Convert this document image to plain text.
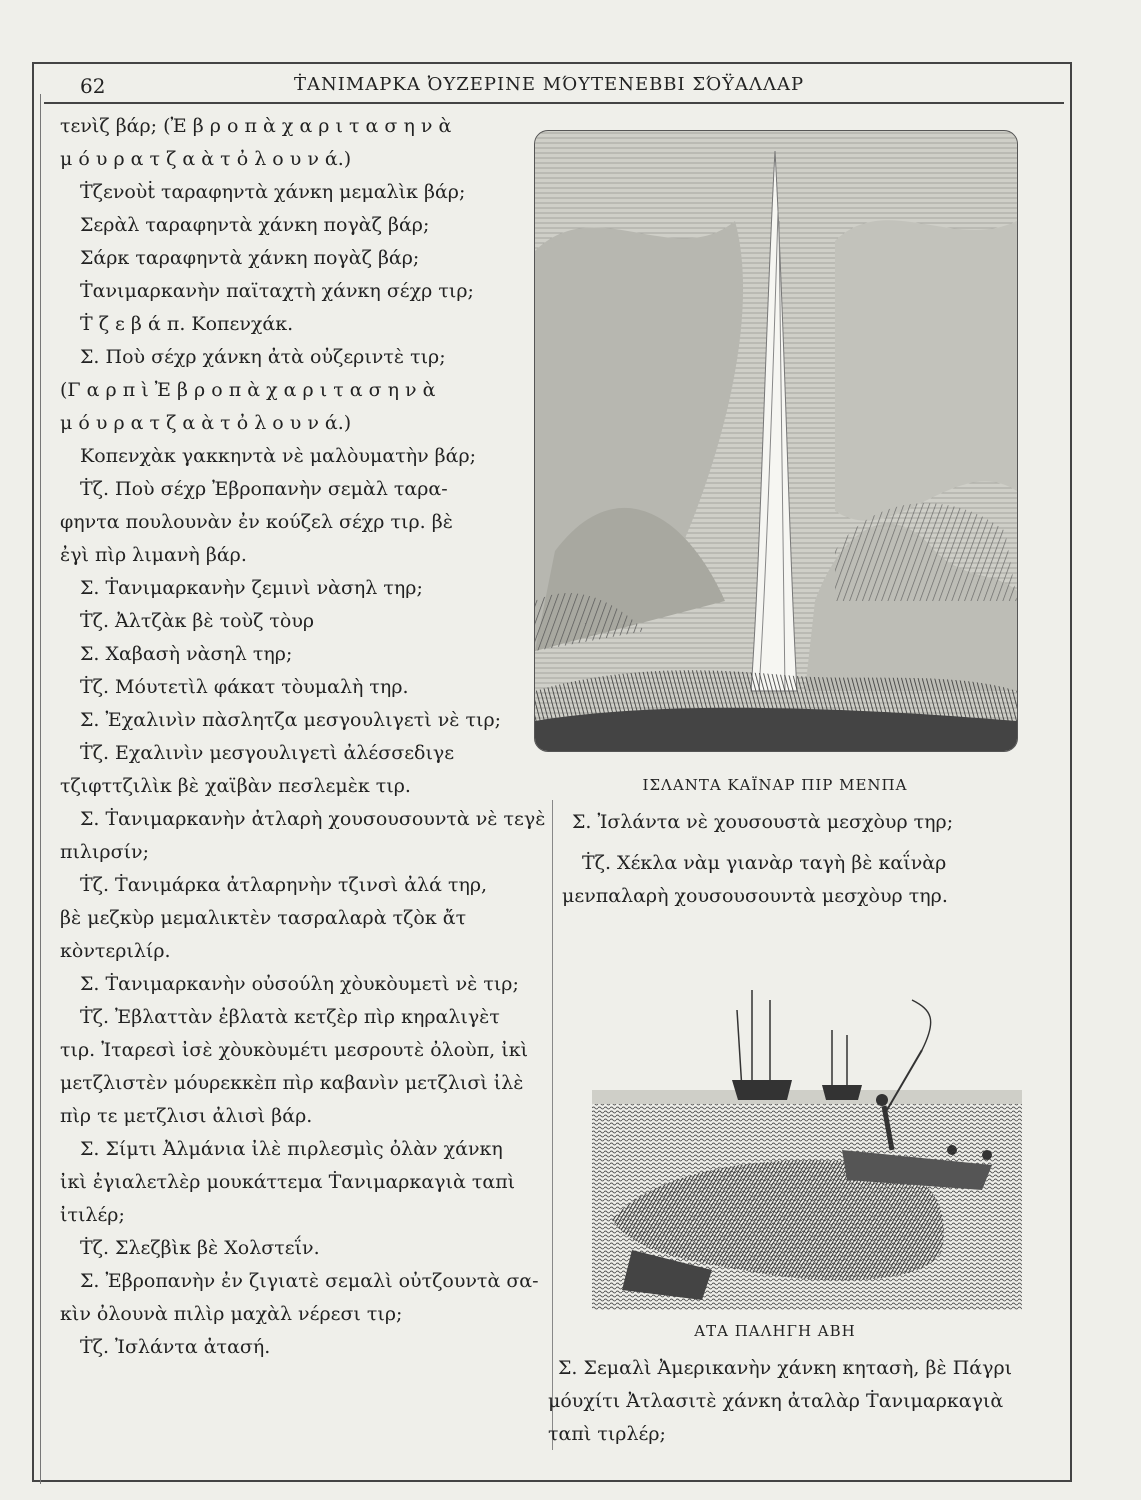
62	ṪΑΝΙΜΑΡΚΑ ὈΥΖΕΡΙΝΕ ΜΌΥΤΕΝΕΒΒΙ ΣΌΫΑΛΛΑΡ

τενὶζ βάρ; (Ἐ β ρ ο π ὰ χ α ρ ι τ α σ η ν ὰ

μ ό υ ρ α τ ζ α ὰ τ ὀ λ ο υ ν ά.)

Ṫζενοὺṫ ταραφηντὰ χάνκη μεμαλὶκ βάρ;

Σερὰλ ταραφηντὰ χάνκη πογὰζ βάρ;

Σάρκ ταραφηντὰ χάνκη πογὰζ βάρ;

Ṫανιμαρκανὴν παϊταχτὴ χάνκη σέχρ τιρ;

Ṫ ζ ε β ά π. Κοπενχάκ.

Σ. Ποὺ σέχρ χάνκη ἀτὰ οὐζεριντὲ τιρ;

(Γ α ρ π ὶ Ἐ β ρ ο π ὰ χ α ρ ι τ α σ η ν ὰ

μ ό υ ρ α τ ζ α ὰ τ ὀ λ ο υ ν ά.)

Κοπενχὰκ γακκηντὰ νὲ μαλὸυματὴν βάρ;

Ṫζ. Ποὺ σέχρ Ἐβροπανὴν σεμὰλ ταρα-

φηντα πουλουνὰν ἐν κούζελ σέχρ τιρ. βὲ

ἐγὶ πὶρ λιμανὴ βάρ.

Σ. Ṫανιμαρκανὴν ζεμινὶ νὰσηλ τηρ;

Ṫζ. Ἀλτζὰκ βὲ τοὺζ τὸυρ

Σ. Χαβασὴ νὰσηλ τηρ;

Ṫζ. Μόυτετὶλ φάκατ τὸυμαλὴ τηρ.

Σ. Ἐχαλινὶν πὰσλητζα μεσγουλιγετὶ νὲ τιρ;

Ṫζ. Εχαλινὶν μεσγουλιγετὶ ἀλέσσεδιγε

τζιφττζιλὶκ βὲ χαϊβὰν πεσλεμὲκ τιρ.

Σ. Ṫανιμαρκανὴν ἀτλαρὴ χουσουσουντὰ νὲ τεγὲ

πιλιρσίν;

Ṫζ. Ṫανιμάρκα ἀτλαρηνὴν τζινσὶ ἀλά τηρ,

βὲ μεζκὺρ μεμαλικτὲν τασραλαρὰ τζὸκ ἄτ

κὸντεριλίρ.

Σ. Ṫανιμαρκανὴν οὐσούλη χὸυκὸυμετὶ νὲ τιρ;

Ṫζ. Ἐβλαττὰν ἐβλατὰ κετζὲρ πὶρ κηραλιγὲτ

τιρ. Ἰταρεσὶ ἰσὲ χὸυκὸυμέτι μεσρουτὲ ὀλοὺπ, ἰκὶ

μετζλιστὲν μόυρεκκὲπ πὶρ καβανὶν μετζλισὶ ἰλὲ

πὶρ τε μετζλισι ἀλισὶ βάρ.

Σ. Σίμτι Ἀλμάνια ἰλὲ πιρλεσμὶς ὀλὰν χάνκη

ἰκὶ ἐγιαλετλὲρ μουκάττεμα Ṫανιμαρκαγιὰ ταπὶ

ἰτιλέρ;

Ṫζ. Σλεζβὶκ βὲ Χολστεΐν.

Σ. Ἐβροπανὴν ἐν ζιγιατὲ σεμαλὶ οὐτζουντὰ σα-

κὶν ὀλουνὰ πιλὶρ μαχὰλ νέρεσι τιρ;

Ṫζ. Ἰσλάντα ἀτασή.

ΙΣΛΑΝΤΑ ΚΑΪΝΑΡ ΠΙΡ ΜΕΝΠΑ

Σ. Ἰσλάντα νὲ χουσουστὰ μεσχὸυρ τηρ;

Ṫζ. Χέκλα νὰμ γιανὰρ ταγὴ βὲ καΐνὰρ

μενπαλαρὴ χουσουσουντὰ μεσχὸυρ τηρ.

ΑΤΑ ΠΑΛΗΓΗ ΑΒΗ

Σ. Σεμαλὶ Ἀμερικανὴν χάνκη κητασὴ, βὲ Πάγρι

μόυχίτι Ἀτλασιτὲ χάνκη ἀταλὰρ Ṫανιμαρκαγιὰ

ταπὶ τιρλέρ;
